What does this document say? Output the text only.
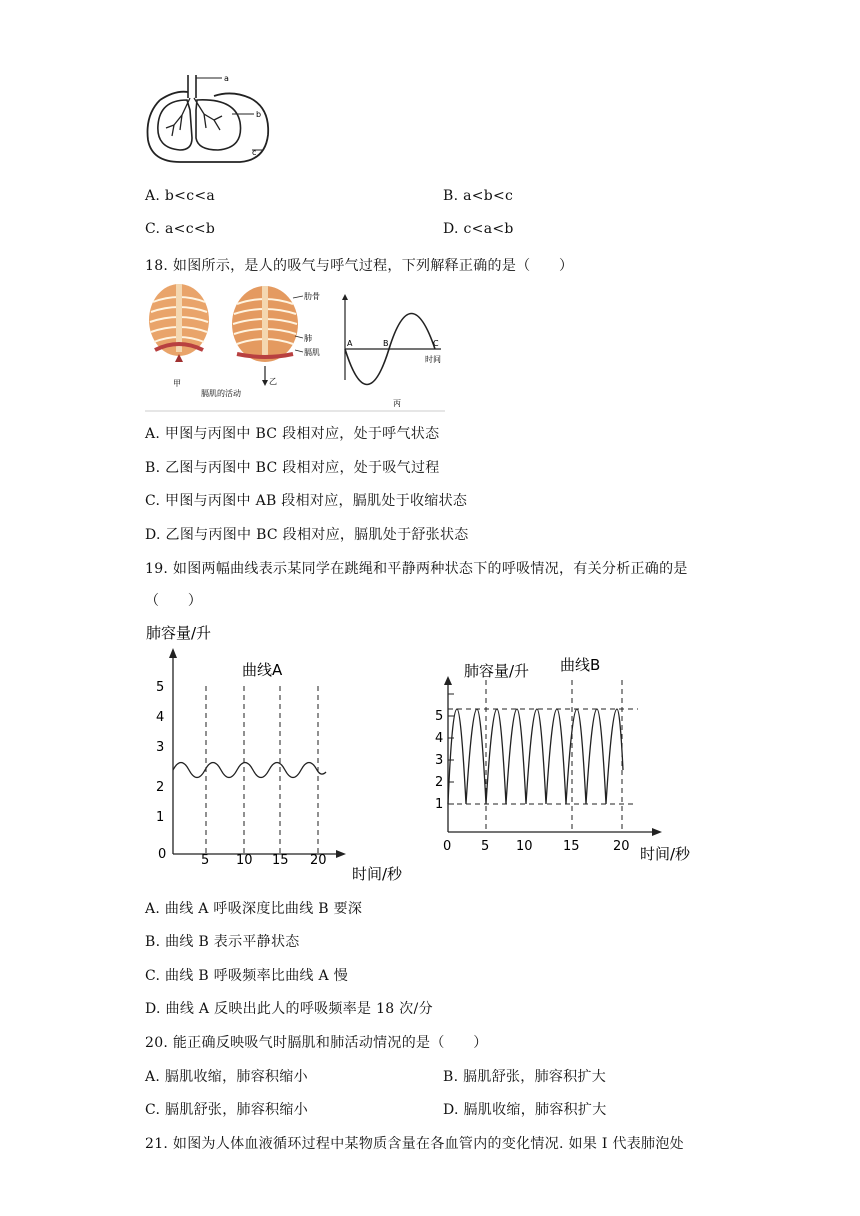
a
b
c
A. b<c<a	B. a<b<c
C. a<c<b	D. c<a<b
18. 如图所示，是人的吸气与呼气过程，下列解释正确的是（　　）
肋骨
肺
膈肌
甲	乙
膈肌的活动
A	B	C
时间
丙
A. 甲图与丙图中 BC 段相对应，处于呼气状态
B. 乙图与丙图中 BC 段相对应，处于吸气过程
C. 甲图与丙图中 AB 段相对应，膈肌处于收缩状态
D. 乙图与丙图中 BC 段相对应，膈肌处于舒张状态
19. 如图两幅曲线表示某同学在跳绳和平静两种状态下的呼吸情况，有关分析正确的是
（　　）
肺容量/升
曲线A
0
1
2
3
4
5
5 10 15 20
时间/秒
肺容量/升 曲线B
5
4
3
2
1
0 5 10 15	20 时间/秒
A. 曲线 A 呼吸深度比曲线 B 要深
B. 曲线 B 表示平静状态
C. 曲线 B 呼吸频率比曲线 A 慢
D. 曲线 A 反映出此人的呼吸频率是 18 次/分
20. 能正确反映吸气时膈肌和肺活动情况的是（　　）
A. 膈肌收缩，肺容积缩小	B. 膈肌舒张，肺容积扩大
C. 膈肌舒张，肺容积缩小	D. 膈肌收缩，肺容积扩大
21. 如图为人体血液循环过程中某物质含量在各血管内的变化情况. 如果 I 代表肺泡处
